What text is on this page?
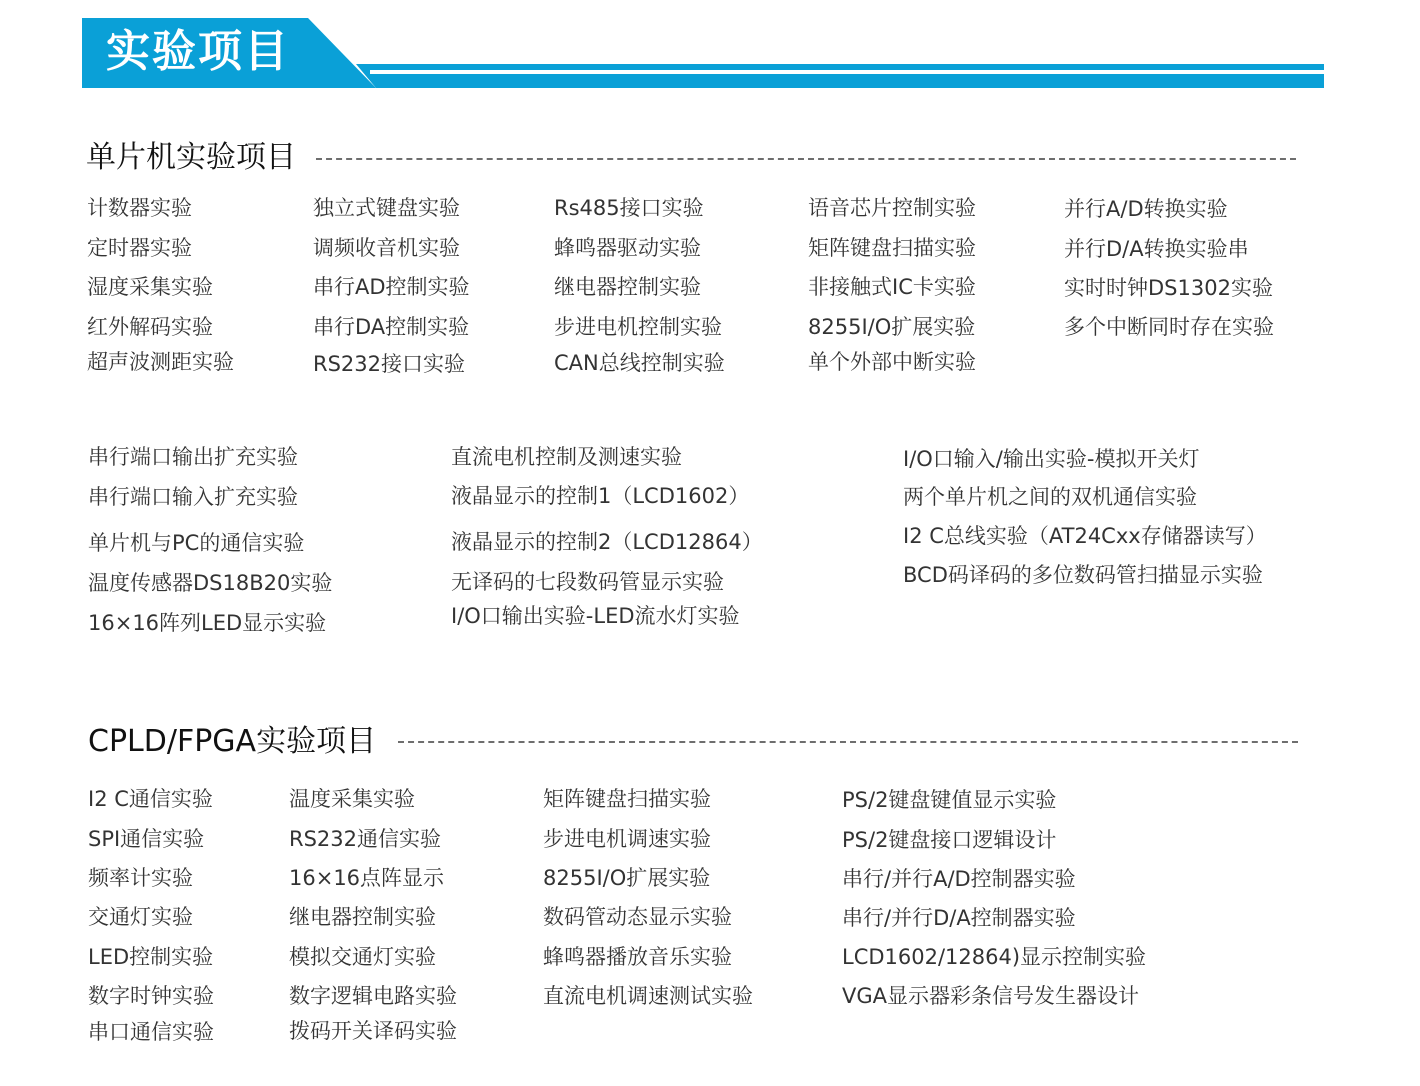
实验项目
单片机实验项目
计数器实验
定时器实验
湿度采集实验
红外解码实验
超声波测距实验
独立式键盘实验
调频收音机实验
串行AD控制实验
串行DA控制实验
RS232接口实验
Rs485接口实验
蜂鸣器驱动实验
继电器控制实验
步进电机控制实验
CAN总线控制实验
语音芯片控制实验
矩阵键盘扫描实验
非接触式IC卡实验
8255I/O扩展实验
单个外部中断实验
并行A/D转换实验
并行D/A转换实验串
实时时钟DS1302实验
多个中断同时存在实验
串行端口输出扩充实验
串行端口输入扩充实验
单片机与PC的通信实验
温度传感器DS18B20实验
16×16阵列LED显示实验
直流电机控制及测速实验
液晶显示的控制1（LCD1602）
液晶显示的控制2（LCD12864）
无译码的七段数码管显示实验
I/O口输出实验-LED流水灯实验
I/O口输入/输出实验-模拟开关灯
两个单片机之间的双机通信实验
I2 C总线实验（AT24Cxx存储器读写）
BCD码译码的多位数码管扫描显示实验
CPLD/FPGA实验项目
I2 C通信实验
SPI通信实验
频率计实验
交通灯实验
LED控制实验
数字时钟实验
串口通信实验
温度采集实验
RS232通信实验
16×16点阵显示
继电器控制实验
模拟交通灯实验
数字逻辑电路实验
拨码开关译码实验
矩阵键盘扫描实验
步进电机调速实验
8255I/O扩展实验
数码管动态显示实验
蜂鸣器播放音乐实验
直流电机调速测试实验
PS/2键盘键值显示实验
PS/2键盘接口逻辑设计
串行/并行A/D控制器实验
串行/并行D/A控制器实验
LCD1602/12864)显示控制实验
VGA显示器彩条信号发生器设计
